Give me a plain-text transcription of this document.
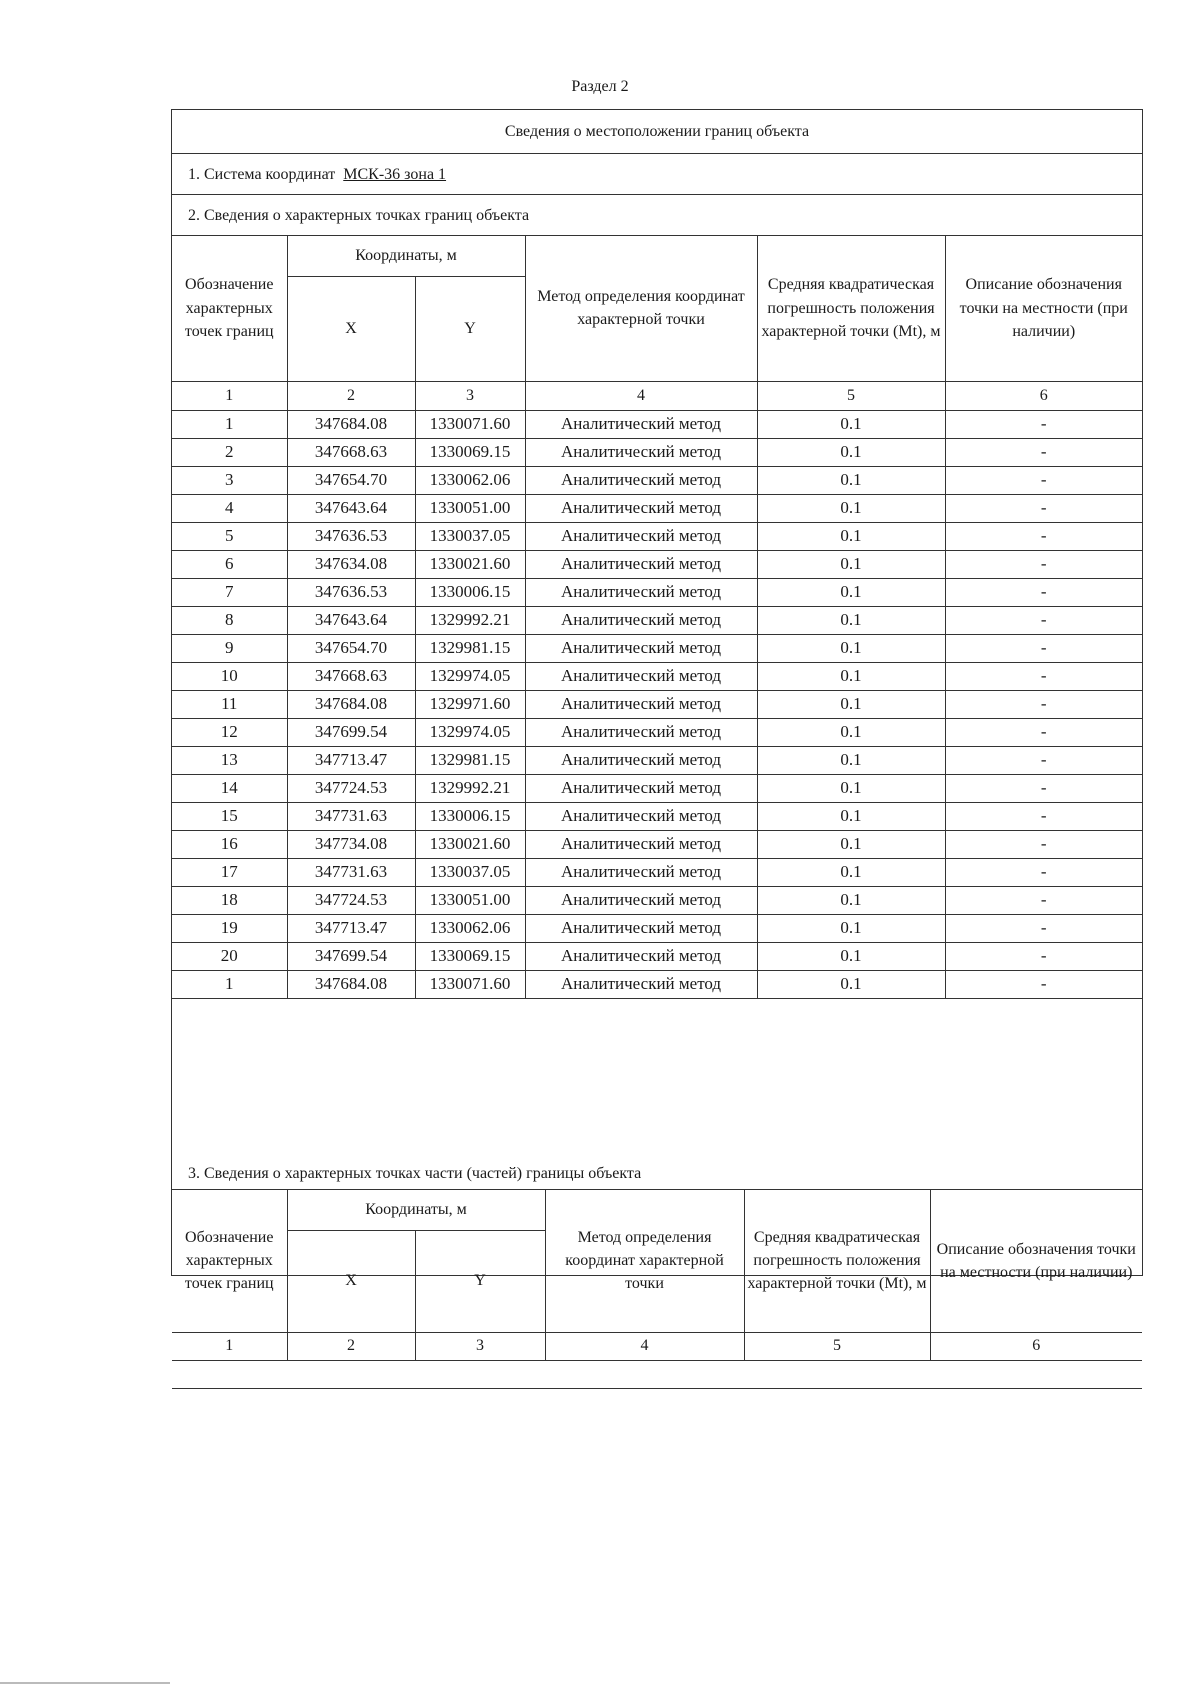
Раздел 2
Сведения о местоположении границ объекта
1. Система координат МСК-36 зона 1
2. Сведения о характерных точках границ объекта
Обозначение характерных точек границ	Координаты, м		Метод определения координат характерной точки	Средняя квадратическая погрешность положения характерной точки (Mt), м	Описание обозначения точки на местности (при наличии)
	X	Y			
1	2	3	4	5	6
1	347684.08	1330071.60	Аналитический метод	0.1	-
2	347668.63	1330069.15	Аналитический метод	0.1	-
3	347654.70	1330062.06	Аналитический метод	0.1	-
4	347643.64	1330051.00	Аналитический метод	0.1	-
5	347636.53	1330037.05	Аналитический метод	0.1	-
6	347634.08	1330021.60	Аналитический метод	0.1	-
7	347636.53	1330006.15	Аналитический метод	0.1	-
8	347643.64	1329992.21	Аналитический метод	0.1	-
9	347654.70	1329981.15	Аналитический метод	0.1	-
10	347668.63	1329974.05	Аналитический метод	0.1	-
11	347684.08	1329971.60	Аналитический метод	0.1	-
12	347699.54	1329974.05	Аналитический метод	0.1	-
13	347713.47	1329981.15	Аналитический метод	0.1	-
14	347724.53	1329992.21	Аналитический метод	0.1	-
15	347731.63	1330006.15	Аналитический метод	0.1	-
16	347734.08	1330021.60	Аналитический метод	0.1	-
17	347731.63	1330037.05	Аналитический метод	0.1	-
18	347724.53	1330051.00	Аналитический метод	0.1	-
19	347713.47	1330062.06	Аналитический метод	0.1	-
20	347699.54	1330069.15	Аналитический метод	0.1	-
1	347684.08	1330071.60	Аналитический метод	0.1	-
3. Сведения о характерных точках части (частей) границы объекта
Обозначение характерных точек границ	Координаты, м		Метод определения координат характерной точки	Средняя квадратическая погрешность положения характерной точки (Mt), м	Описание обозначения точки на местности (при наличии)
	X	Y			
1	2	3	4	5	6
